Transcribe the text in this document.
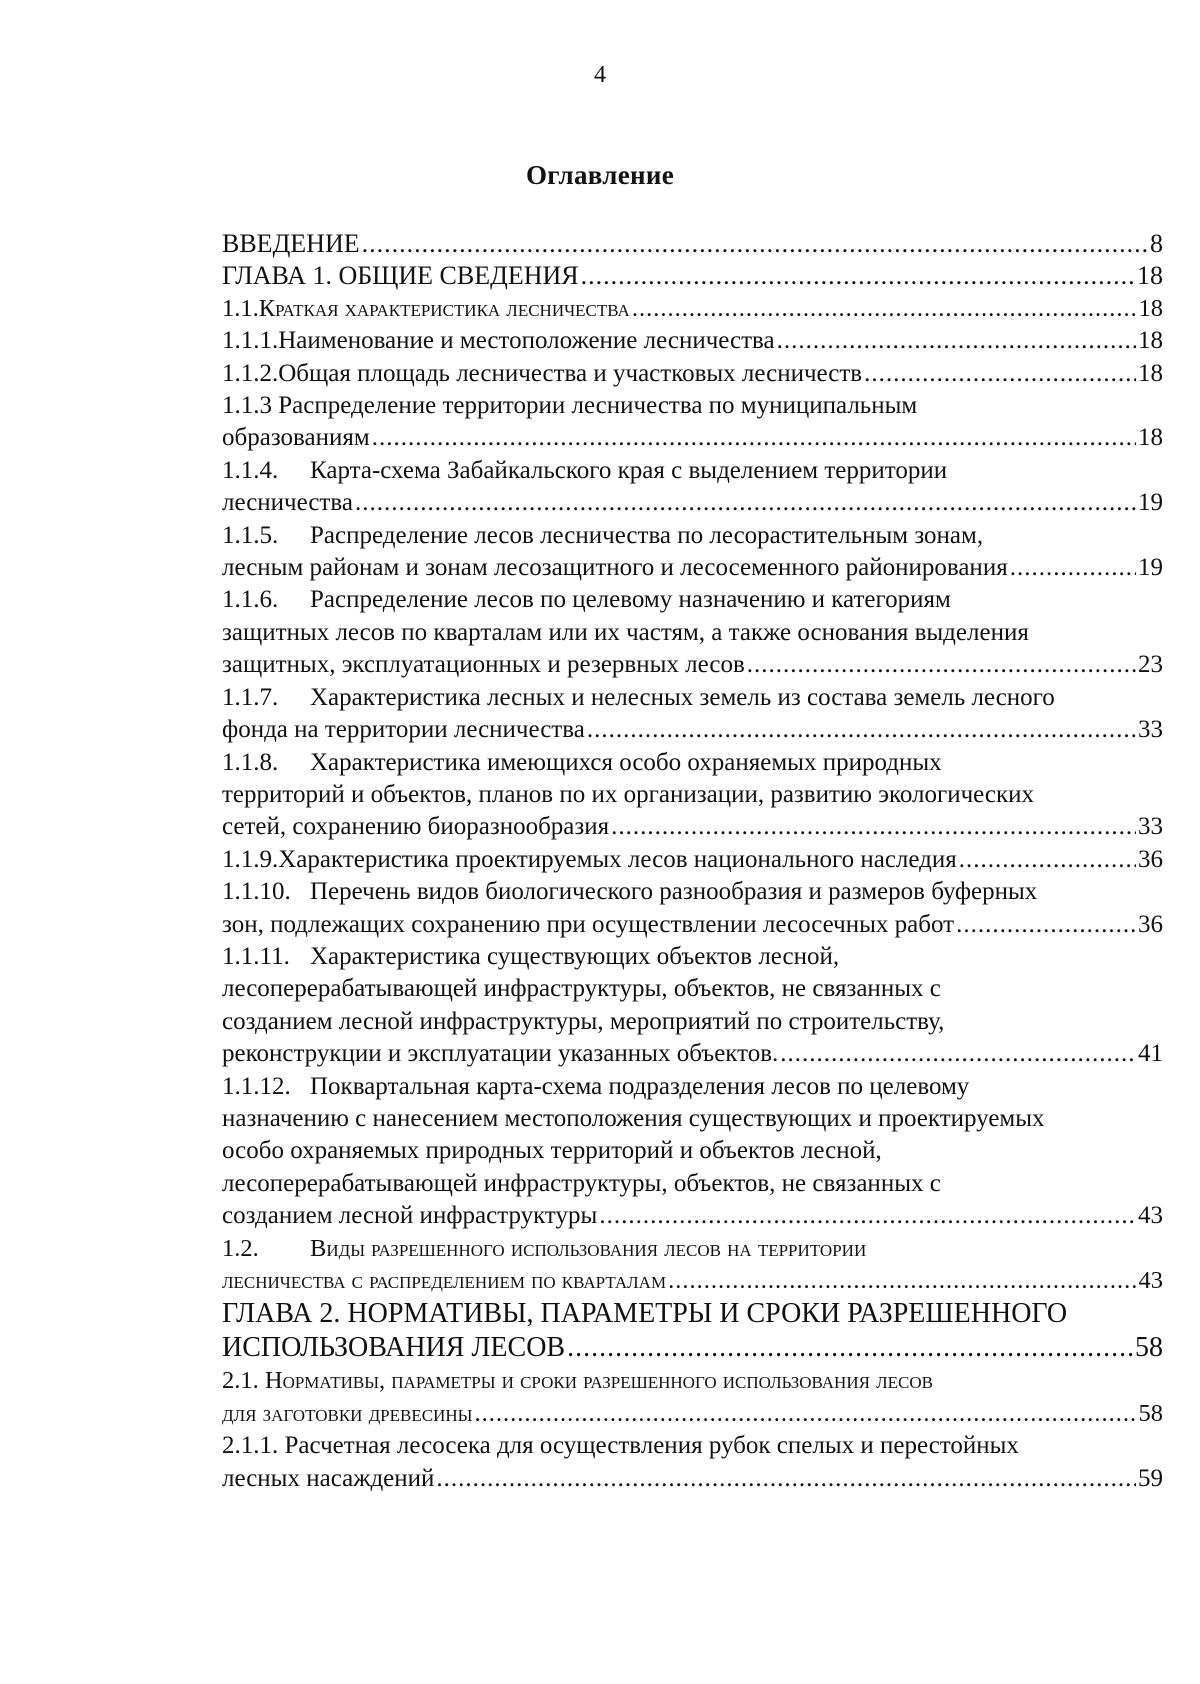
4
Оглавление
ВВЕДЕНИЕ .....	8
ГЛАВА 1. ОБЩИЕ СВЕДЕНИЯ .....	18
1.1. Краткая характеристика лесничества .....	18
1.1.1. Наименование и местоположение лесничества .....	18
1.1.2. Общая площадь лесничества и участковых лесничеств .....	18
1.1.3 Распределение территории лесничества по муниципальным
образованиям .....	18
1.1.4.	Карта-схема Забайкальского края с выделением территории
лесничества .....	19
1.1.5.	Распределение лесов лесничества по лесорастительным зонам,
лесным районам и зонам лесозащитного и лесосеменного районирования .....	19
1.1.6.	Распределение лесов по целевому назначению и категориям
защитных лесов по кварталам или их частям, а также основания выделения
защитных, эксплуатационных и резервных лесов .....	23
1.1.7.	Характеристика лесных и нелесных земель из состава земель лесного
фонда на территории лесничества .....	33
1.1.8.	Характеристика имеющихся особо охраняемых природных
территорий и объектов, планов по их организации, развитию экологических
сетей, сохранению биоразнообразия .....	33
1.1.9. Характеристика проектируемых лесов национального наследия .....	36
1.1.10. Перечень видов биологического разнообразия и размеров буферных
зон, подлежащих сохранению при осуществлении лесосечных работ .....	36
1.1.11. Характеристика существующих объектов лесной,
лесоперерабатывающей инфраструктуры, объектов, не связанных с
созданием лесной инфраструктуры, мероприятий по строительству,
реконструкции и эксплуатации указанных объектов. .....	41
1.1.12. Поквартальная карта-схема подразделения лесов по целевому
назначению с нанесением местоположения существующих и проектируемых
особо охраняемых природных территорий и объектов лесной,
лесоперерабатывающей инфраструктуры, объектов, не связанных с
созданием лесной инфраструктуры .....	43
1.2.	Виды разрешенного использования лесов на территории
лесничества с распределением по кварталам .....	43
ГЛАВА 2. НОРМАТИВЫ, ПАРАМЕТРЫ И СРОКИ РАЗРЕШЕННОГО
ИСПОЛЬЗОВАНИЯ ЛЕСОВ .....	58
2.1. Нормативы, параметры и сроки разрешенного использования лесов
для заготовки древесины .....	58
2.1.1. Расчетная лесосека для осуществления рубок спелых и перестойных
лесных насаждений .....	59
